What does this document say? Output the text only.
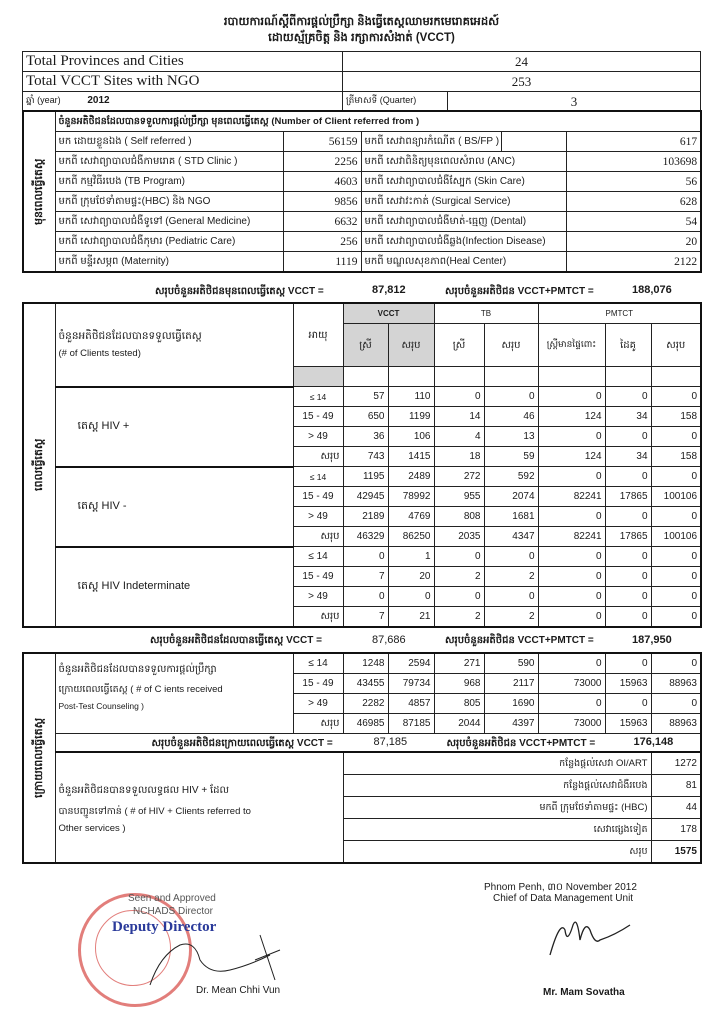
របាយការណ៍ស្តីពីការផ្តល់ប្រឹក្សា និងធ្វើតេស្តឈាមរកមេរោគអេដស៍
ដោយស្ម័គ្រចិត្ត និង រក្សាការសំងាត់ (VCCT)
Total Provinces and Cities	24	
Total VCCT Sites with NGO	253	
ឆ្នាំ (year) 2012	ត្រីមាសទី (Quarter)	3
មុនពេលធ្វើតេស្ត	ចំនួនអតិថិជនដែលបានទទួលការផ្តល់ប្រឹក្សា មុនពេលធ្វើតេស្ត (Number of Client referred from )				
	មក ដោយខ្លួនឯង ( Self referred )	56159	មកពី សេវាពន្យារកំណើត ( BS/FP )		617
	មកពី សេវាព្យាបាលជំងឺកាមរោគ ( STD Clinic )	2256	មកពី សេវាពិនិត្យមុនពេលសំរាល (ANC)		103698
	មកពី កម្មវិធីរបេង (TB Program)	4603	មកពី សេវាព្យាបាលជំងឺស្បែក (Skin Care)		56
	មកពី ក្រុមថែទាំតាមផ្ទះ(HBC) និង NGO	9856	មកពី សេវាវះកាត់ (Surgical Service)		628
	មកពី សេវាព្យាបាលជំងឺទូទៅ (General Medicine)	6632	មកពី សេវាព្យាបាលជំងឺមាត់-ធ្មេញ (Dental)		54
	មកពី សេវាព្យាបាលជំងឺកុមារ (Pediatric Care)	256	មកពី សេវាព្យាបាលជំងឺឆ្លង(Infection Disease)		20
	មកពី មន្ទីរសម្ភព (Maternity)	1119	មកពី មណ្ឌលសុខភាព(Heal Center)		2122
សរុបចំនួនអតិថិជនមុនពេលធ្វើតេស្ត VCCT =	87,812	សរុបចំនួនអតិថិជន VCCT+PMTCT =	188,076
ពេលធ្វើតេស្ត	ចំនួនអតិថិជនដែលបានទទួលធ្វើតេស្ត
(# of Clients tested)	អាយុ	VCCT		TB		PMTCT		
			ស្រី	សរុប	ស្រី	សរុប	ស្ត្រីមានផ្ទៃពោះ	ដៃគូ	សរុប

	តេស្ត HIV +	≤ 14	57	110	0	0	0	0	0
		15 - 49	650	1199	14	46	124	34	158
		> 49	36	106	4	13	0	0	0
		សរុប	743	1415	18	59	124	34	158
	តេស្ត HIV -	≤ 14	1195	2489	272	592	0	0	0
		15 - 49	42945	78992	955	2074	82241	17865	100106
		> 49	2189	4769	808	1681	0	0	0
		សរុប	46329	86250	2035	4347	82241	17865	100106
	តេស្ត HIV Indeterminate	≤ 14	0	1	0	0	0	0	0
		15 - 49	7	20	2	2	0	0	0
		> 49	0	0	0	0	0	0	0
		សរុប	7	21	2	2	0	0	0
សរុបចំនួនអតិថិជនដែលបានធ្វើតេស្ត VCCT =	87,686	សរុបចំនួនអតិថិជន VCCT+PMTCT =	187,950
ក្រោយពេលធ្វើតេស្ត	ចំនួនអតិថិជនដែលបានទទួលការផ្តល់ប្រឹក្សា
ក្រោយពេលធ្វើតេស្ត ( # of C ients received
Post-Test Counseling )	≤ 14	1248	2594	271	590	0	0	0
		15 - 49	43455	79734	968	2117	73000	15963	88963
		> 49	2282	4857	805	1690	0	0	0
		សរុប	46985	87185	2044	4397	73000	15963	88963

	សរុបចំនួនអតិថិជនក្រោយពេលធ្វើតេស្ត VCCT = 87,185 សរុបចំនួនអតិថិជន VCCT+PMTCT = 176,148								

	ចំនួនអតិថិជនបានទទួលលទ្ធផល HIV + ដែល
បានបញ្ជូនទៅកាន់ ( # of HIV + Clients referred to
Other services )		កន្លែងផ្តល់សេវា OI/ART						1272
			កន្លែងផ្តល់សេវាជំងឺរបេង						81
			មកពី ក្រុមថែទាំតាមផ្ទះ (HBC)						44
			សេវាផ្សេងទៀត						178
			សរុប						1575
Seen and Approved
NCHADS Director
Deputy Director
Dr. Mean Chhi Vun
Phnom Penh, ៣០ November 2012
Chief of Data Management Unit
Mr. Mam Sovatha
